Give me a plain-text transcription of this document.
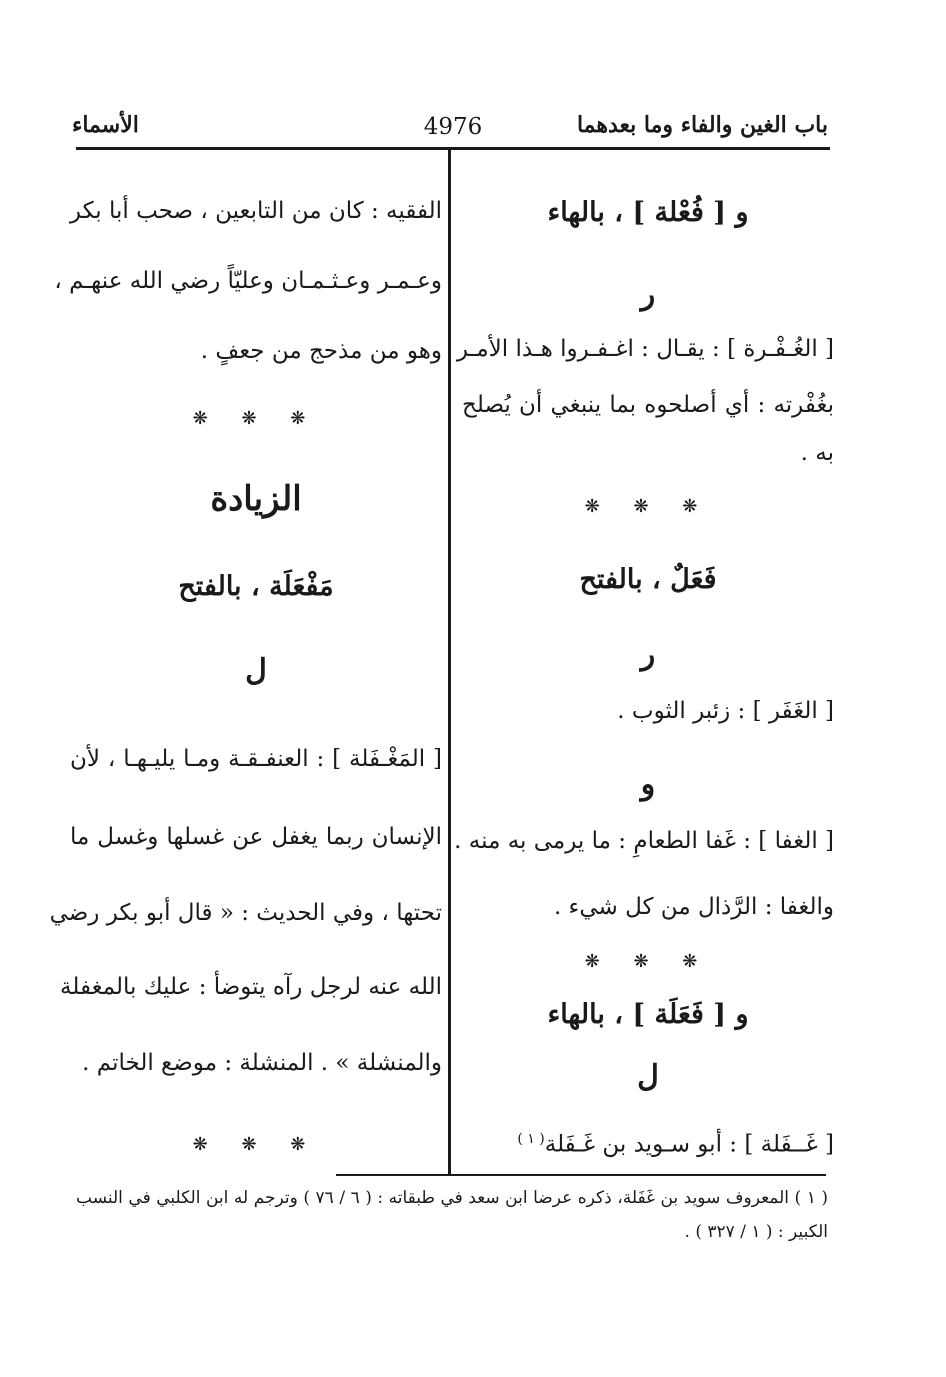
باب الغين والفاء وما بعدهما
4976
الأسماء
و [ فُعْلة ] ، بالهاء
ر
[ الغُـفْـرة ] : يقـال : اغـفـروا هـذا الأمـر
بغُفْرته : أي أصلحوه بما ينبغي أن يُصلح
به .
❋ ❋ ❋
فَعَلٌ ، بالفتح
ر
[ الغَفَر ] : زئبر الثوب .
و
[ الغفا ] : غَفا الطعامِ : ما يرمى به منه .
والغفا : الرَّذال من كل شيء .
❋ ❋ ❋
و [ فَعَلَة ] ، بالهاء
ل
[ غَــفَلة ] : أبو سـويد بن غَـفَلة$^{( ١ )}$
الفقيه : كان من التابعين ، صحب أبا بكر
وعـمـر وعـثـمـان وعليّاً رضي الله عنهـم ،
وهو من مذحج من جعفٍ .
❋ ❋ ❋
الزيادة
مَفْعَلَة ، بالفتح
ل
[ المَغْـفَلة ] : العنفـقـة ومـا يليـهـا ، لأن
الإنسان ربما يغفل عن غسلها وغسل ما
تحتها ، وفي الحديث : « قال أبو بكر رضي
الله عنه لرجل رآه يتوضأ : عليك بالمغفلة
والمنشلة » . المنشلة : موضع الخاتم .
❋ ❋ ❋
( ١ ) المعروف سويد بن غَفَلة، ذكره عرضا ابن سعد في طبقاته : ( ٦ / ٧٦ ) وترجم له ابن الكلبي في النسب
الكبير : ( ١ / ٣٢٧ ) .
